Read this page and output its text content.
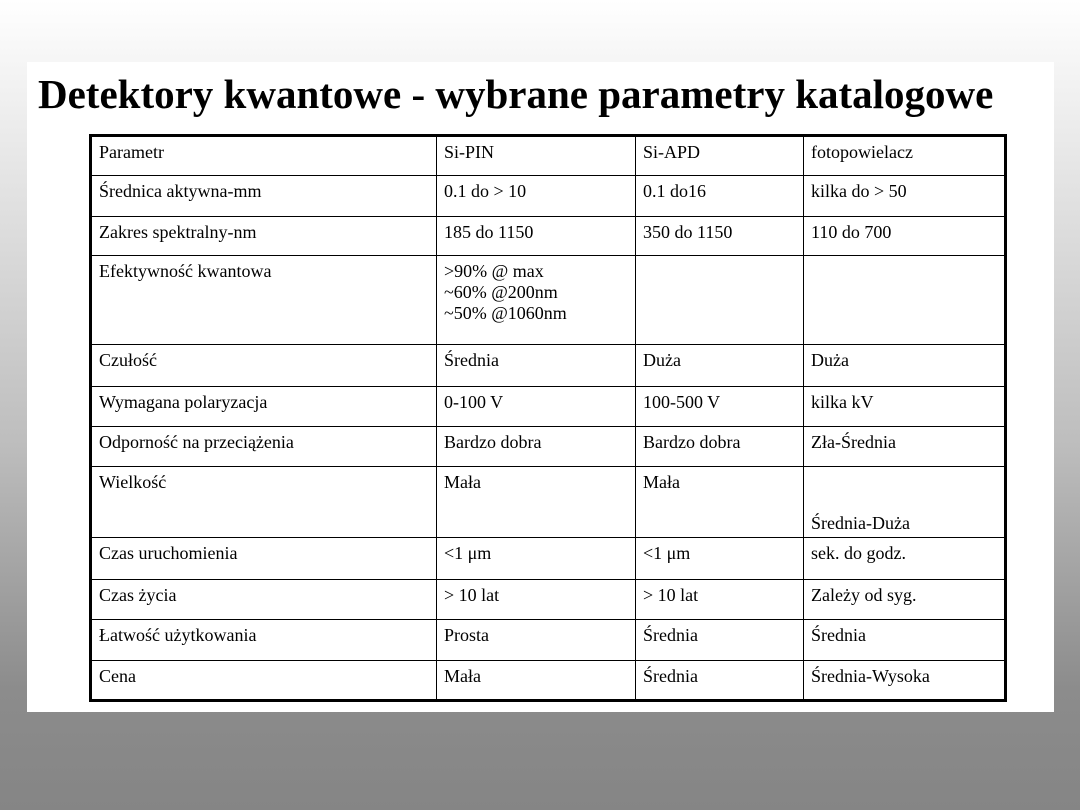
Detektory kwantowe - wybrane parametry katalogowe
Parametr	Si-PIN	Si-APD	fotopowielacz
Średnica aktywna-mm	0.1 do > 10	0.1 do16	kilka do > 50
Zakres spektralny-nm	185 do 1150	350 do 1150	110 do 700
Efektywność kwantowa	>90% @ max
~60% @200nm
~50% @1060nm		

Czułość	Średnia	Duża	Duża
Wymagana polaryzacja	0-100 V	100-500 V	kilka kV
Odporność na przeciążenia	Bardzo dobra	Bardzo dobra	Zła-Średnia
Wielkość	Mała	Mała	Średnia-Duża
Czas uruchomienia	<1 μm	<1 μm	sek. do godz.
Czas życia	> 10 lat	> 10 lat	Zależy od syg.
Łatwość użytkowania	Prosta	Średnia	Średnia
Cena	Mała	Średnia	Średnia-Wysoka
